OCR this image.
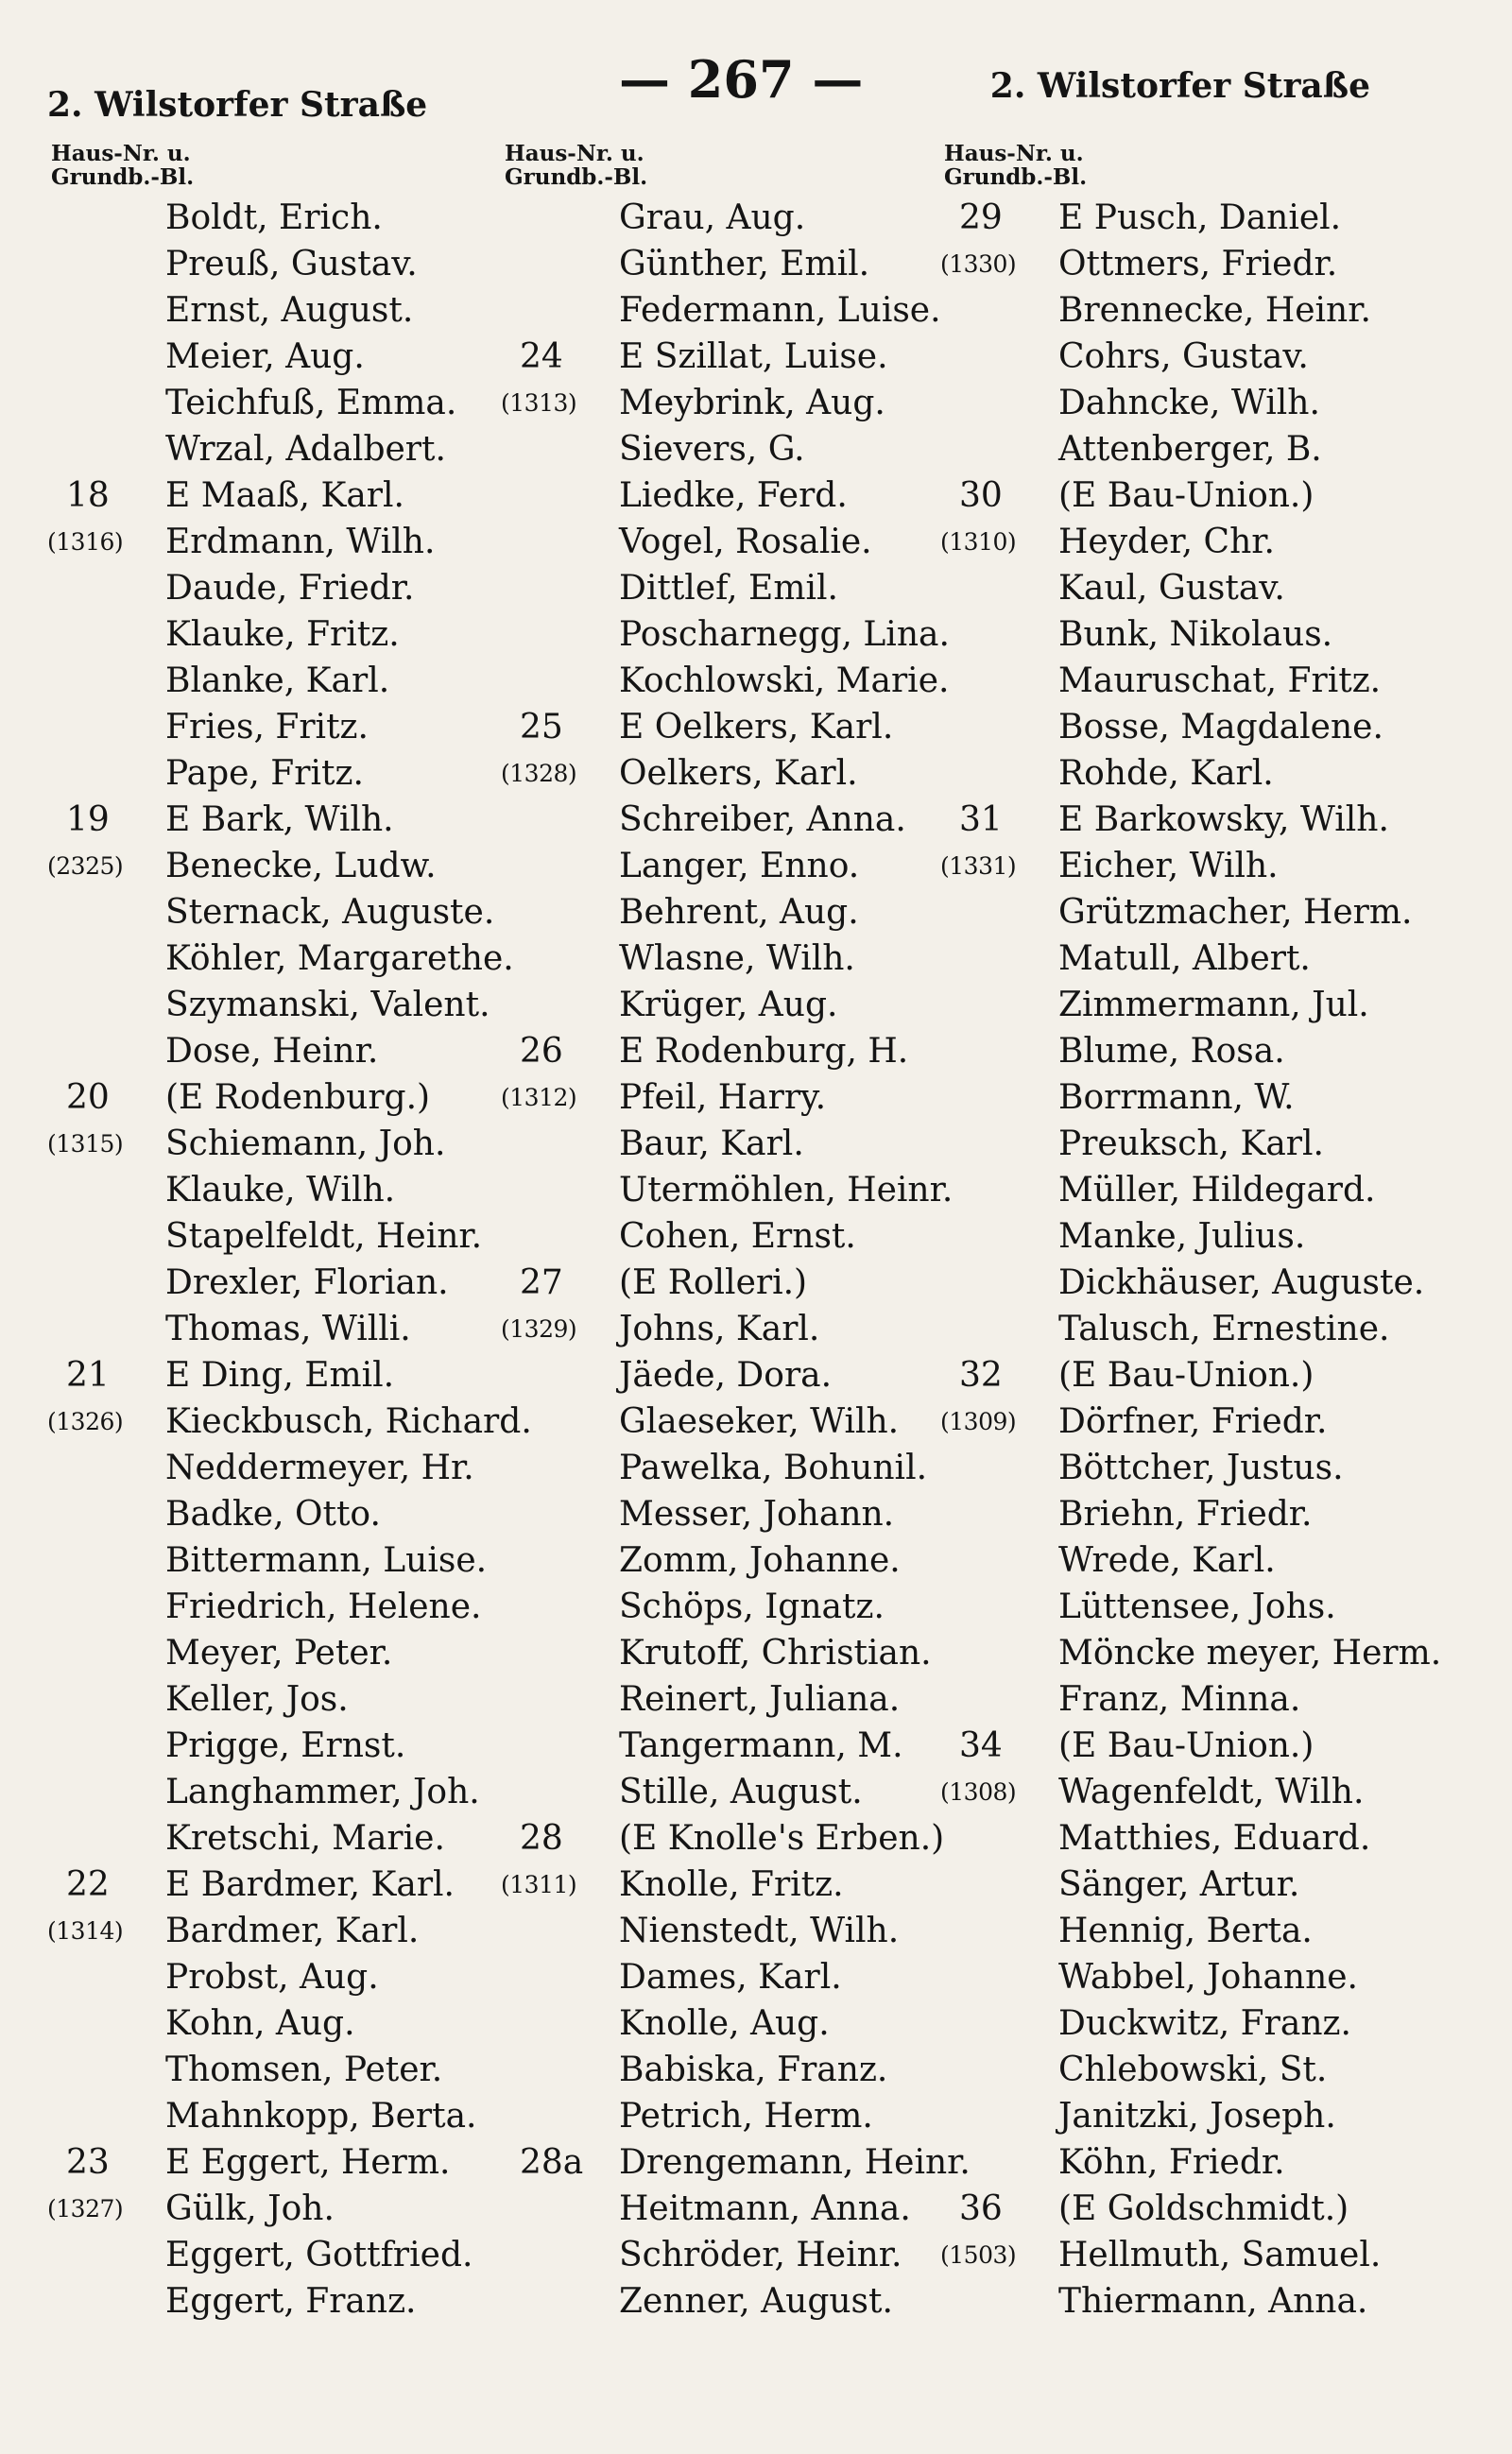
2. Wilstorfer Straße	— 267 —	2. Wilstorfer Straße
Haus-Nr. u.
Grundb.-Bl.
Boldt, Erich.
Preuß, Gustav.
Ernst, August.
Meier, Aug.
Teichfuß, Emma.
Wrzal, Adalbert.
18	E Maaß, Karl.
(1316)	Erdmann, Wilh.
Daude, Friedr.
Klauke, Fritz.
Blanke, Karl.
Fries, Fritz.
Pape, Fritz.
19	E Bark, Wilh.
(2325)	Benecke, Ludw.
Sternack, Auguste.
Köhler, Margarethe.
Szymanski, Valent.
Dose, Heinr.
20	(E Rodenburg.)
(1315)	Schiemann, Joh.
Klauke, Wilh.
Stapelfeldt, Heinr.
Drexler, Florian.
Thomas, Willi.
21	E Ding, Emil.
(1326)	Kieckbusch, Richard.
Neddermeyer, Hr.
Badke, Otto.
Bittermann, Luise.
Friedrich, Helene.
Meyer, Peter.
Keller, Jos.
Prigge, Ernst.
Langhammer, Joh.
Kretschi, Marie.
22	E Bardmer, Karl.
(1314)	Bardmer, Karl.
Probst, Aug.
Kohn, Aug.
Thomsen, Peter.
Mahnkopp, Berta.
23	E Eggert, Herm.
(1327)	Gülk, Joh.
Eggert, Gottfried.
Eggert, Franz.
Haus-Nr. u.
Grundb.-Bl.
Grau, Aug.
Günther, Emil.
Federmann, Luise.
24	E Szillat, Luise.
(1313)	Meybrink, Aug.
Sievers, G.
Liedke, Ferd.
Vogel, Rosalie.
Dittlef, Emil.
Poscharnegg, Lina.
Kochlowski, Marie.
25	E Oelkers, Karl.
(1328)	Oelkers, Karl.
Schreiber, Anna.
Langer, Enno.
Behrent, Aug.
Wlasne, Wilh.
Krüger, Aug.
26	E Rodenburg, H.
(1312)	Pfeil, Harry.
Baur, Karl.
Utermöhlen, Heinr.
Cohen, Ernst.
27	(E Rolleri.)
(1329)	Johns, Karl.
Jäede, Dora.
Glaeseker, Wilh.
Pawelka, Bohunil.
Messer, Johann.
Zomm, Johanne.
Schöps, Ignatz.
Krutoff, Christian.
Reinert, Juliana.
Tangermann, M.
Stille, August.
28	(E Knolle's Erben.)
(1311)	Knolle, Fritz.
Nienstedt, Wilh.
Dames, Karl.
Knolle, Aug.
Babiska, Franz.
Petrich, Herm.
28a	Drengemann, Heinr.
Heitmann, Anna.
Schröder, Heinr.
Zenner, August.
Haus-Nr. u.
Grundb.-Bl.
29	E Pusch, Daniel.
(1330)	Ottmers, Friedr.
Brennecke, Heinr.
Cohrs, Gustav.
Dahncke, Wilh.
Attenberger, B.
30	(E Bau-Union.)
(1310)	Heyder, Chr.
Kaul, Gustav.
Bunk, Nikolaus.
Mauruschat, Fritz.
Bosse, Magdalene.
Rohde, Karl.
31	E Barkowsky, Wilh.
(1331)	Eicher, Wilh.
Grützmacher, Herm.
Matull, Albert.
Zimmermann, Jul.
Blume, Rosa.
Borrmann, W.
Preuksch, Karl.
Müller, Hildegard.
Manke, Julius.
Dickhäuser, Auguste.
Talusch, Ernestine.
32	(E Bau-Union.)
(1309)	Dörfner, Friedr.
Böttcher, Justus.
Briehn, Friedr.
Wrede, Karl.
Lüttensee, Johs.
Möncke meyer, Herm.
Franz, Minna.
34	(E Bau-Union.)
(1308)	Wagenfeldt, Wilh.
Matthies, Eduard.
Sänger, Artur.
Hennig, Berta.
Wabbel, Johanne.
Duckwitz, Franz.
Chlebowski, St.
Janitzki, Joseph.
Köhn, Friedr.
36	(E Goldschmidt.)
(1503)	Hellmuth, Samuel.
Thiermann, Anna.
